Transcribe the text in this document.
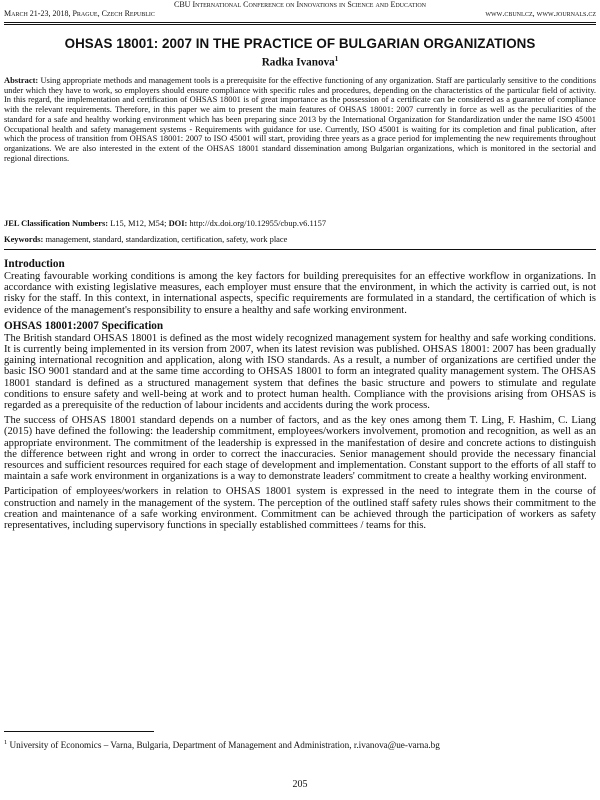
CBU International Conference on Innovations in Science and Education
March 21-23, 2018, Prague, Czech Republic	www.cbuni.cz, www.journals.cz
OHSAS 18001: 2007 IN THE PRACTICE OF BULGARIAN ORGANIZATIONS
Radka Ivanova$^1$
Abstract: Using appropriate methods and management tools is a prerequisite for the effective functioning of any organization. Staff are particularly sensitive to the conditions under which they have to work, so employers should ensure compliance with specific rules and procedures, depending on the characteristics of the particular field of activity. In this regard, the implementation and certification of OHSAS 18001 is of great importance as the possession of a certificate can be considered as a guarantee of compliance with the relevant requirements. Therefore, in this paper we aim to present the main features of OHSAS 18001: 2007 currently in force as well as the peculiarities of the standard for a safe and healthy working environment which has been preparing since 2013 by the International Organization for Standardization under the name ISO 45001 Occupational health and safety management systems - Requirements with guidance for use. Currently, ISO 45001 is waiting for its completion and final publication, after which the process of transition from OHSAS 18001: 2007 to ISO 45001 will start, providing three years as a grace period for implementing the new requirements throughout organizations. We are also interested in the extent of the OHSAS 18001 standard dissemination among Bulgarian organizations, which is monitored in the sectorial and regional directions.
JEL Classification Numbers: L15, M12, M54; DOI: http://dx.doi.org/10.12955/cbup.v6.1157
Keywords: management, standard, standardization, certification, safety, work place
Introduction

Creating favourable working conditions is among the key factors for building prerequisites for an effective workflow in organizations. In accordance with existing legislative measures, each employer must ensure that the environment, in which the activity is carried out, is not risky for the staff. In this context, in international aspects, specific requirements are formulated in a standard, the certification of which is evidence of the management's responsibility to ensure a healthy and safe working environment.

OHSAS 18001:2007 Specification

The British standard OHSAS 18001 is defined as the most widely recognized management system for healthy and safe working conditions. It is currently being implemented in its version from 2007, when its latest revision was published. OHSAS 18001: 2007 has been gradually gaining international recognition and application, along with ISO standards. As a result, a number of organizations are certified under the basic ISO 9001 standard and at the same time according to OHSAS 18001 to form an integrated quality management system. The OHSAS 18001 standard is defined as a structured management system that defines the basic structure and powers to stimulate and regulate conditions to ensure safety and well-being at work and to protect human health. Compliance with the provisions arising from OHSAS is regarded as a prerequisite of the reduction of labour incidents and accidents during the work process.

The success of OHSAS 18001 standard depends on a number of factors, and as the key ones among them T. Ling, F. Hashim, C. Liang (2015) have defined the following: the leadership commitment, employees/workers involvement, promotion and recognition, as well as an appropriate environment. The commitment of the leadership is expressed in the manifestation of desire and concrete actions to distinguish the difference between right and wrong in order to correct the inaccuracies. Senior management should provide the necessary financial resources and sufficient resources required for each stage of development and implementation. Constant support to the efforts of all staff to maintain a safe work environment in organizations is a way to demonstrate leaders' commitment to create a healthy working environment.

Participation of employees/workers in relation to OHSAS 18001 system is expressed in the need to integrate them in the course of construction and namely in the management of the system. The perception of the outlined staff safety rules shows their commitment to the creation and maintenance of a safe working environment. Commitment can be achieved through the participation of workers as safety representatives, including supervisory functions in specially established committees / teams for this.

$^1$ University of Economics – Varna, Bulgaria, Department of Management and Administration, r.ivanova@ue-varna.bg
205
